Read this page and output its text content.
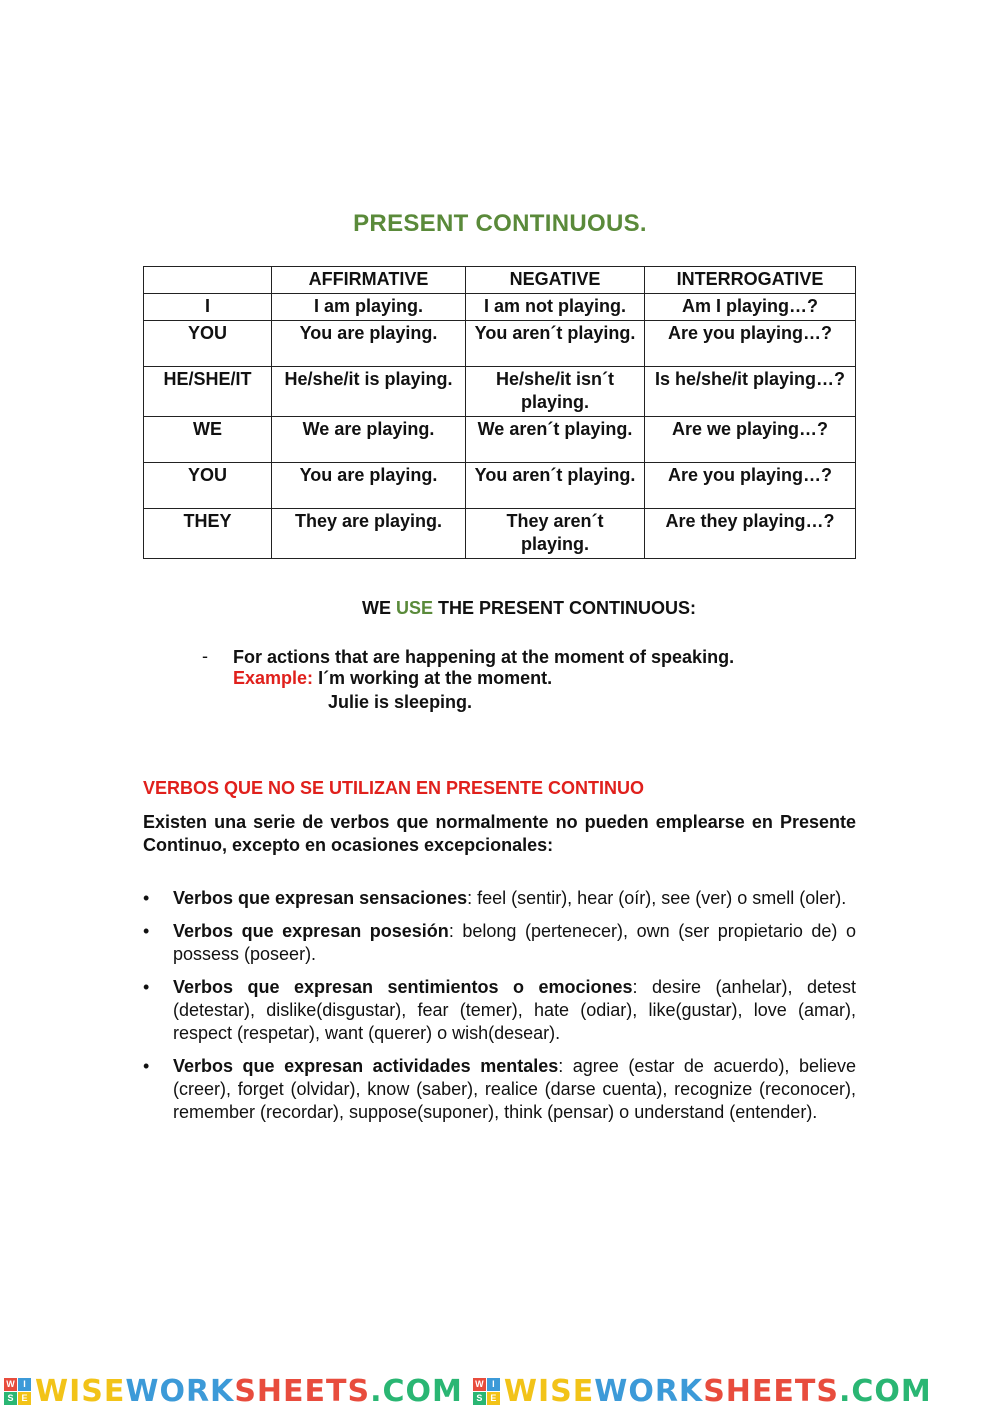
PRESENT CONTINUOUS.
	AFFIRMATIVE	NEGATIVE	INTERROGATIVE
I	I am playing.	I am not playing.	Am I playing…?
YOU	You are playing.	You aren´t playing.	Are you playing…?
HE/SHE/IT	He/she/it is playing.	He/she/it isn´t playing.	Is he/she/it playing…?
WE	We are playing.	We aren´t playing.	Are we playing…?
YOU	You are playing.	You aren´t playing.	Are you playing…?
THEY	They are playing.	They aren´t playing.	Are they playing…?
WE USE THE PRESENT CONTINUOUS:
- For actions that are happening at the moment of speaking.
Example: I´m working at the moment.
Julie is sleeping.
VERBOS QUE NO SE UTILIZAN EN PRESENTE CONTINUO
Existen una serie de verbos que normalmente no pueden emplearse en Presente Continuo, excepto en ocasiones excepcionales:
• Verbos que expresan sensaciones: feel (sentir), hear (oír), see (ver) o smell (oler).
• Verbos que expresan posesión: belong (pertenecer), own (ser propietario de) o possess (poseer).
• Verbos que expresan sentimientos o emociones: desire (anhelar), detest (detestar), dislike(disgustar), fear (temer), hate (odiar), like(gustar), love (amar), respect (respetar), want (querer) o wish(desear).
• Verbos que expresan actividades mentales: agree (estar de acuerdo), believe (creer), forget (olvidar), know (saber), realice (darse cuenta), recognize (reconocer), remember (recordar), suppose(suponer), think (pensar) o understand (entender).
W I
S E WISEWORKSHEETS.COM W I
S E WISEWORKSHEETS.COM
